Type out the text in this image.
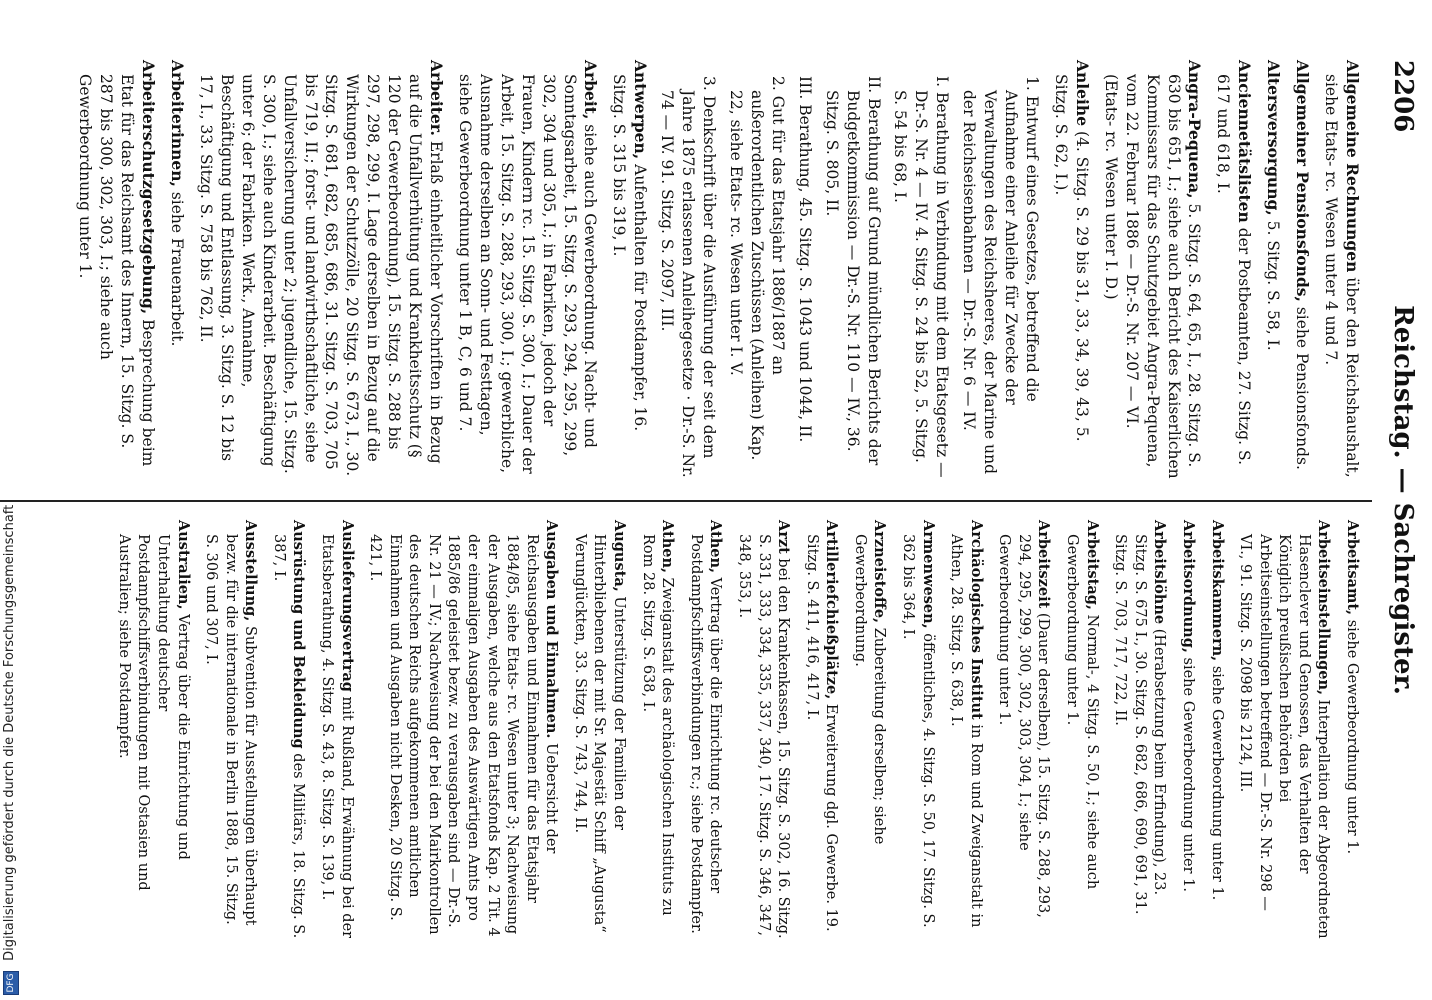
2206
Reichstag. — Sachregister.
Allgemeine Rechnungen über den Reichshaushalt, siehe Etats- rc. Wesen unter 4 und 7.
Allgemeiner Pensionsfonds, siehe Pensionsfonds.
Altersversorgung, 5. Sitzg. S. 58, I.
Anciennetätslisten der Postbeamten, 27. Sitzg. S. 617 und 618, I.
Angra-Pequena, 5. Sitzg. S. 64, 65, I., 28. Sitzg. S. 630 bis 651, I.; siehe auch Bericht des Kaiserlichen Kommissars für das Schutzgebiet Angra-Pequena, vom 22. Februar 1886 — Dr.-S. Nr. 207 — VI. (Etats- rc. Wesen unter I. D.)
Anleihe (4. Sitzg. S. 29 bis 31, 33, 34, 39, 43, 5. Sitzg. S. 62, I.).
1. Entwurf eines Gesetzes, betreffend die Aufnahme einer Anleihe für Zwecke der Verwaltungen des Reichsheeres, der Marine und der Reichseisenbahnen — Dr.-S. Nr. 6 — IV.
I. Berathung in Verbindung mit dem Etatsgesetz — Dr.-S. Nr. 4 — IV. 4. Sitzg. S. 24 bis 52, 5. Sitzg. S. 54 bis 68, I.
II. Berathung auf Grund mündlichen Berichts der Budgetkommission — Dr.-S. Nr. 110 — IV., 36. Sitzg. S. 805, II.
III. Berathung, 45. Sitzg. S. 1043 und 1044, II.
2. Gut für das Etatsjahr 1886/1887 an außerordentlichen Zuschüssen (Anleihen) Kap. 22, siehe Etats- rc. Wesen unter I. V.
3. Denkschrift über die Ausführung der seit dem Jahre 1875 erlassenen Anleihegesetze · Dr.-S. Nr. 74 — IV. 91. Sitzg. S. 2097, III.
Antwerpen, Aufenthalten für Postdampfer, 16. Sitzg. S. 315 bis 319, I.
Arbeit, siehe auch Gewerbeordnung. Nacht- und Sonntagsarbeit, 15. Sitzg. S. 293, 294, 295, 299, 302, 304 und 305, I.; in Fabriken, jedoch der Frauen, Kindern rc. 15. Sitzg. S. 300, I.; Dauer der Arbeit, 15. Sitzg. S. 288, 293, 300, I.; gewerbliche, Ausnahme derselben an Sonn- und Festtagen, siehe Gewerbeordnung unter 1 B, C, 6 und 7.
Arbeiter. Erlaß einheitlicher Vorschriften in Bezug auf die Unfallverhütung und Krankheitsschutz (§ 120 der Gewerbeordnung), 15. Sitzg. S. 288 bis 297, 298, 299, I. Lage derselben in Bezug auf die Wirkungen der Schutzzölle, 20 Sitzg. S. 673, I., 30. Sitzg. S. 681, 682, 685, 686, 31. Sitzg. S. 703, 705 bis 719, II.; forst- und landwirthschaftliche, siehe Unfallversicherung unter 2; jugendliche, 15. Sitzg. S. 300, I.; siehe auch Kinderarbeit. Beschäftigung unter 6; der Fabriken. Werk., Annahme, Beschäftigung und Entlassung, 3. Sitzg. S. 12 bis 17, I., 33. Sitzg. S. 758 bis 762, II.
Arbeiterinnen, siehe Frauenarbeit.
Arbeiterschutzgesetzgebung, Besprechung beim Etat für das Reichsamt des Innern, 15. Sitzg. S. 287 bis 300, 302, 303, I.; siehe auch Gewerbeordnung unter 1.
Arbeitsamt, siehe Gewerbeordnung unter 1.
Arbeitseinstellungen, Interpellation der Abgeordneten Hasenclever und Genossen, das Verhalten der Königlich preußischen Behörden bei Arbeitseinstellungen betreffend — Dr.-S. Nr. 298 — VI., 91. Sitzg. S. 2098 bis 2124, III.
Arbeitskammern, siehe Gewerbeordnung unter 1.
Arbeitsordnung, siehe Gewerbeordnung unter 1.
Arbeitslöhne (Herabsetzung beim Erfindung), 23. Sitzg. S. 675 I., 30. Sitzg. S. 682, 686, 690, 691, 31. Sitzg. S. 703, 717, 722, II.
Arbeitstag, Normal-, 4 Sitzg. S. 50, I.; siehe auch Gewerbeordnung unter 1.
Arbeitszeit (Dauer derselben), 15. Sitzg. S. 288, 293, 294, 295, 299, 300, 302, 303, 304, I.; siehe Gewerbeordnung unter 1.
Archäologisches Institut in Rom und Zweiganstalt in Athen, 28. Sitzg. S. 638, I.
Armenwesen, öffentliches, 4. Sitzg. S. 50, 17. Sitzg. S. 362 bis 364, I.
Arzneistoffe, Zubereitung derselben; siehe Gewerbeordnung.
Artilleriefchießplätze, Erweiterung dgl. Gewerbe. 19. Sitzg. S. 411, 416, 417, I.
Arzt bei den Krankenkassen, 15. Sitzg. S. 302, 16. Sitzg. S. 331, 333, 334, 335, 337, 340, 17. Sitzg. S. 346, 347, 348, 353, I.
Athen, Vertrag über die Einrichtung rc. deutscher Postdampfschiffsverbindungen rc.; siehe Postdampfer.
Athen, Zweiganstalt des archäologischen Instituts zu Rom 28. Sitzg. S. 638, I.
Augusta, Unterstützung der Familien der Hinterbliebenen der mit Sr. Majestät Schiff „Augusta“ Verunglückten, 33. Sitzg. S. 743, 744, II.
Ausgaben und Einnahmen. Uebersicht der Reichsausgaben und Einnahmen für das Etatsjahr 1884/85, siehe Etats- rc. Wesen unter 3; Nachweisung der Ausgaben, welche aus den Etatsfonds Kap. 2 Tit. 4 der einmaligen Ausgaben des Auswärtigen Amts pro 1885/86 geleistet bezw. zu verausgaben sind — Dr.-S. Nr. 21 — IV.; Nachweisung der bei den Mairkontrollen des deutschen Reichs aufgekommenen amtlichen Einnahmen und Ausgaben nicht Desken, 20 Sitzg. S. 421, I.
Auslieferungsvertrag mit Rußland, Erwähnung bei der Etatsberathung, 4. Sitzg. S. 43, 8. Sitzg. S. 139, I.
Ausrüstung und Bekleidung des Militärs, 18. Sitzg. S. 387, I.
Ausstellung, Subvention für Ausstellungen überhaupt bezw. für die internationale in Berlin 1888, 15. Sitzg. S. 306 und 307, I.
Australien, Vertrag über die Einrichtung und Unterhaltung deutscher Postdampfschiffsverbindungen mit Ostasien und Australien; siehe Postdampfer.
DFG Digitalisierung gefördert durch die Deutsche Forschungsgemeinschaft
